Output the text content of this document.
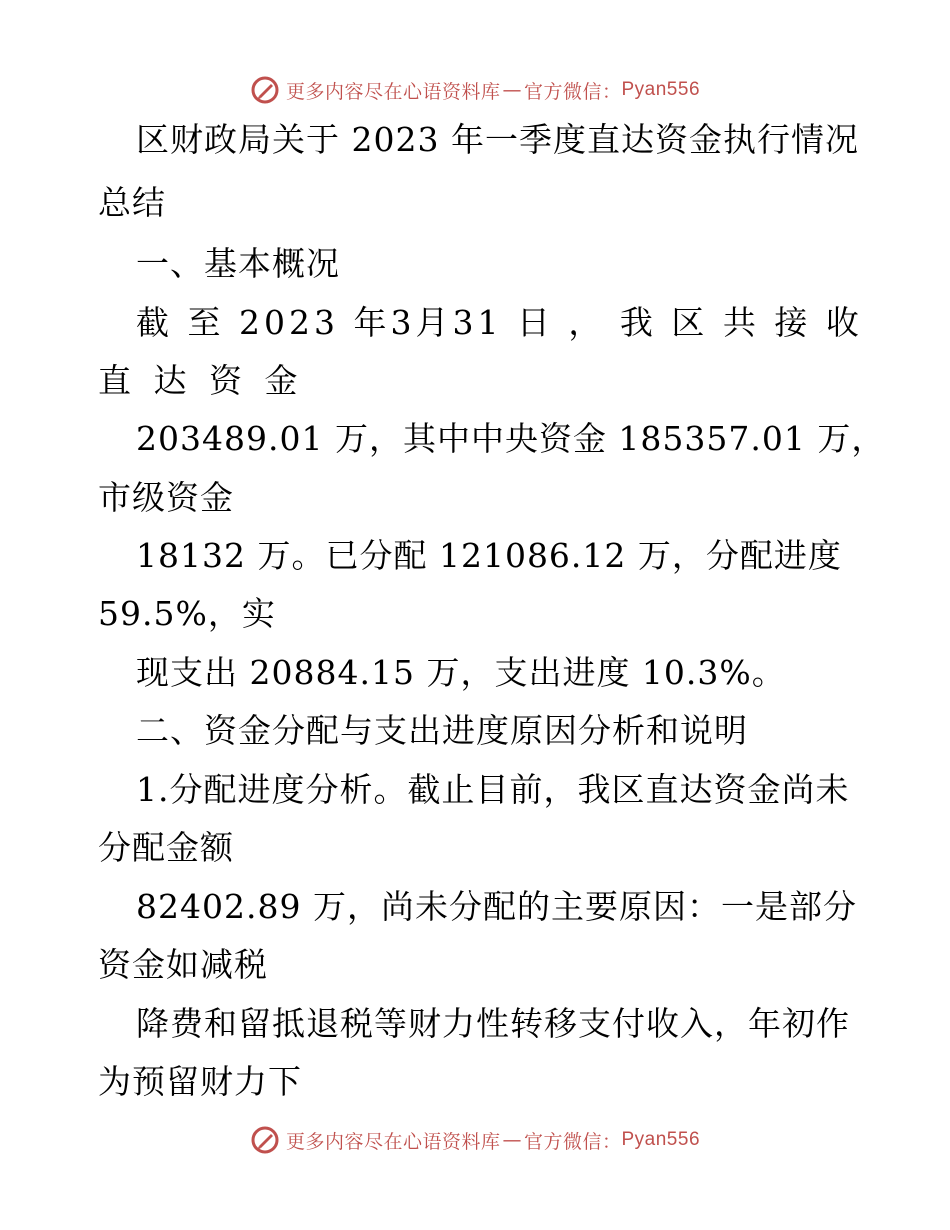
更多内容尽在心语资料库 — 官方微信： Pyan556
区财政局关于 2023 年一季度直达资金执行情况
总结
一、基本概况
截 至 2023 年3月31 日 ， 我 区 共 接 收
直 达 资 金
203489.01 万，其中中央资金 185357.01 万，
市级资金
18132 万。已分配 121086.12 万，分配进度
59.5%，实
现支出 20884.15 万，支出进度 10.3%。
二、资金分配与支出进度原因分析和说明
1.分配进度分析。截止目前，我区直达资金尚未
分配金额
82402.89 万，尚未分配的主要原因：一是部分
资金如减税
降费和留抵退税等财力性转移支付收入，年初作
为预留财力下
更多内容尽在心语资料库 — 官方微信： Pyan556
